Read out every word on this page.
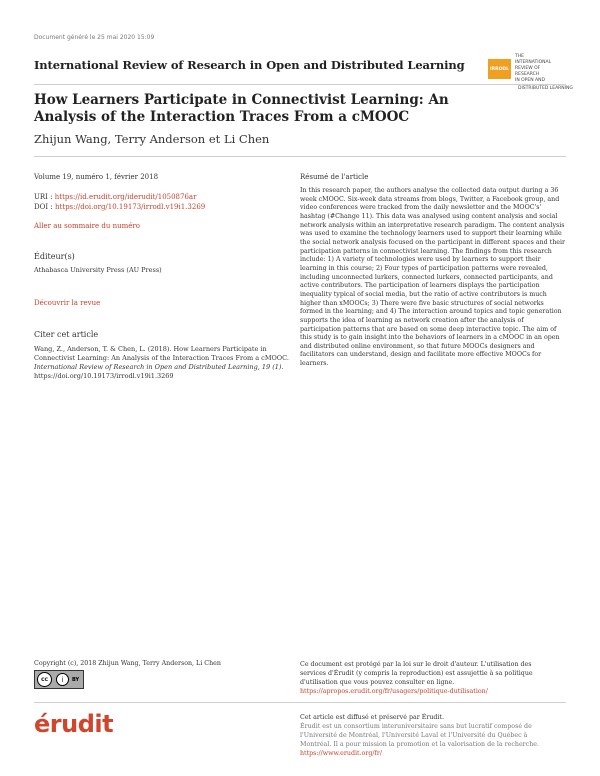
Document généré le 25 mai 2020 15:09
International Review of Research in Open and Distributed Learning	IRRODL
THE INTERNATIONAL
REVIEW OF RESEARCH
IN OPEN AND
DISTRIBUTED LEARNING
How Learners Participate in Connectivist Learning: An Analysis of the Interaction Traces From a cMOOC
Zhijun Wang, Terry Anderson et Li Chen
Volume 19, numéro 1, février 2018
URI : https://id.erudit.org/iderudit/1050876ar
DOI : https://doi.org/10.19173/irrodl.v19i1.3269
Aller au sommaire du numéro
Éditeur(s)
Athabasca University Press (AU Press)
Découvrir la revue
Citer cet article
Wang, Z., Anderson, T. & Chen, L. (2018). How Learners Participate in
Connectivist Learning: An Analysis of the Interaction Traces From a cMOOC.
International Review of Research in Open and Distributed Learning, 19 (1).
https://doi.org/10.19173/irrodl.v19i1.3269
Résumé de l'article
In this research paper, the authors analyse the collected data output during a 36 week cMOOC. Six-week data streams from blogs, Twitter, a Facebook group, and video conferences were tracked from the daily newsletter and the MOOC's' hashtag (#Change 11). This data was analysed using content analysis and social network analysis within an interpretative research paradigm. The content analysis was used to examine the technology learners used to support their learning while the social network analysis focused on the participant in different spaces and their participation patterns in connectivist learning. The findings from this research include: 1) A variety of technologies were used by learners to support their learning in this course; 2) Four types of participation patterns were revealed, including unconnected lurkers, connected lurkers, connected participants, and active contributors. The participation of learners displays the participation inequality typical of social media, but the ratio of active contributors is much higher than xMOOCs; 3) There were five basic structures of social networks formed in the learning; and 4) The interaction around topics and topic generation supports the idea of learning as network creation after the analysis of participation patterns that are based on some deep interactive topic. The aim of this study is to gain insight into the behaviors of learners in a cMOOC in an open and distributed online environment, so that future MOOCs designers and facilitators can understand, design and facilitate more effective MOOCs for learners.
Copyright (c), 2018 Zhijun Wang, Terry Anderson, Li Chen
cc	i	BY
Ce document est protégé par la loi sur le droit d'auteur. L'utilisation des
services d'Érudit (y compris la reproduction) est assujettie à sa politique
d'utilisation que vous pouvez consulter en ligne.
https://apropos.erudit.org/fr/usagers/politique-dutilisation/
érudit	Cet article est diffusé et préservé par Érudit.
Érudit est un consortium interuniversitaire sans but lucratif composé de
l'Université de Montréal, l'Université Laval et l'Université du Québec à
Montréal. Il a pour mission la promotion et la valorisation de la recherche.
https://www.erudit.org/fr/
